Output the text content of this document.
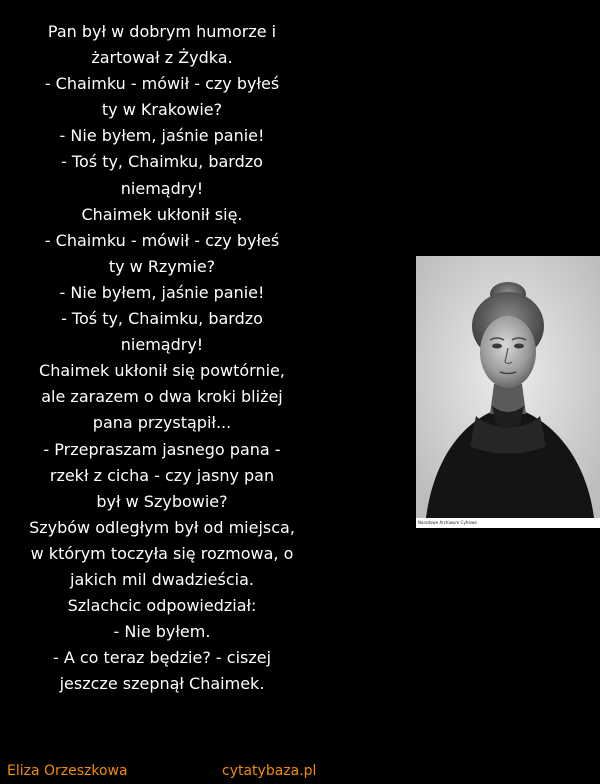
Pan był w dobrym humorze i
żartował z Żydka.
- Chaimku - mówił - czy byłeś
ty w Krakowie?
- Nie byłem, jaśnie panie!
- Toś ty, Chaimku, bardzo
niemądry!
Chaimek ukłonił się.
- Chaimku - mówił - czy byłeś
ty w Rzymie?
- Nie byłem, jaśnie panie!
- Toś ty, Chaimku, bardzo
niemądry!
Chaimek ukłonił się powtórnie,
ale zarazem o dwa kroki bliżej
pana przystąpił...
- Przepraszam jasnego pana -
rzekł z cicha - czy jasny pan
był w Szybowie?
Szybów odległym był od miejsca,
w którym toczyła się rozmowa, o
jakich mil dwadzieścia.
Szlachcic odpowiedział:
- Nie byłem.
- A co teraz będzie? - ciszej
jeszcze szepnął Chaimek.
Narodowe Archiwum Cyfrowe
Eliza Orzeszkowa	cytatybaza.pl
